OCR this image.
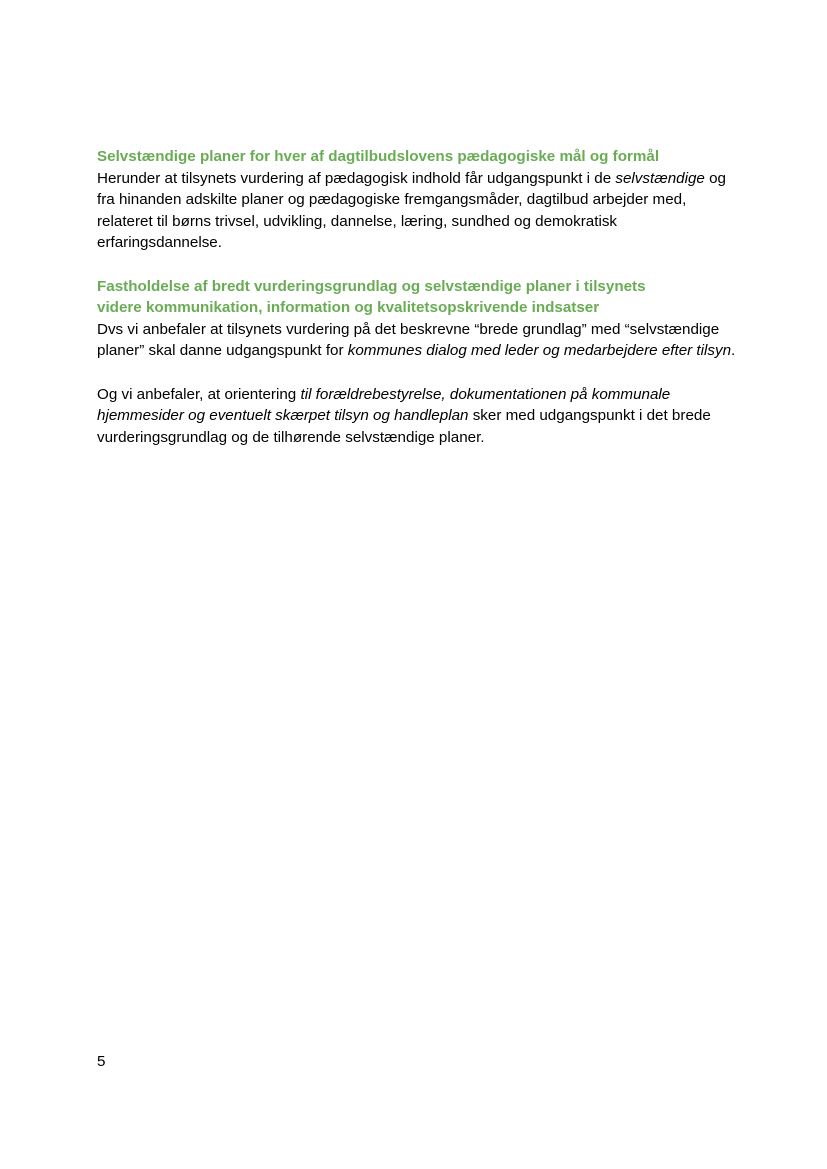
Selvstændige planer for hver af dagtilbudslovens pædagogiske mål og formål

Herunder at tilsynets vurdering af pædagogisk indhold får udgangspunkt i de selvstændige og fra hinanden adskilte planer og pædagogiske fremgangsmåder, dagtilbud arbejder med, relateret til børns trivsel, udvikling, dannelse, læring, sundhed og demokratisk erfaringsdannelse.

Fastholdelse af bredt vurderingsgrundlag og selvstændige planer i tilsynets
videre kommunikation, information og kvalitetsopskrivende indsatser

Dvs vi anbefaler at tilsynets vurdering på det beskrevne “brede grundlag” med “selvstændige planer” skal danne udgangspunkt for kommunes dialog med leder og medarbejdere efter tilsyn.

Og vi anbefaler, at orientering til forældrebestyrelse, dokumentationen på kommunale hjemmesider og eventuelt skærpet tilsyn og handleplan sker med udgangspunkt i det brede vurderingsgrundlag og de tilhørende selvstændige planer.

5
